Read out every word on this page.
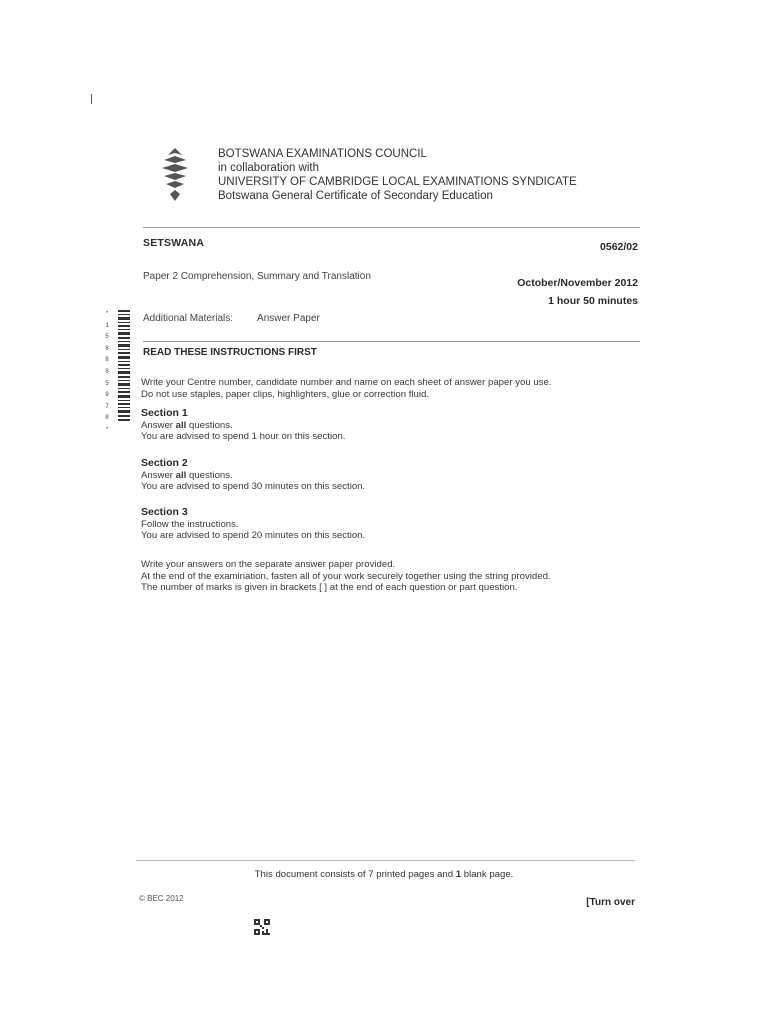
BOTSWANA EXAMINATIONS COUNCIL
in collaboration with
UNIVERSITY OF CAMBRIDGE LOCAL EXAMINATIONS SYNDICATE
Botswana General Certificate of Secondary Education
SETSWANA	0562/02
Paper 2 Comprehension, Summary and Translation
October/November 2012
1 hour 50 minutes
Additional Materials: Answer Paper
* 1 5 8 8 8 5 9 7 8 *
READ THESE INSTRUCTIONS FIRST
Write your Centre number, candidate number and name on each sheet of answer paper you use.
Do not use staples, paper clips, highlighters, glue or correction fluid.
Section 1
Answer all questions.
You are advised to spend 1 hour on this section.
Section 2
Answer all questions.
You are advised to spend 30 minutes on this section.
Section 3
Follow the instructions.
You are advised to spend 20 minutes on this section.
Write your answers on the separate answer paper provided.
At the end of the examination, fasten all of your work securely together using the string provided.
The number of marks is given in brackets [ ] at the end of each question or part question.
This document consists of 7 printed pages and 1 blank page.
© BEC 2012	[Turn over
